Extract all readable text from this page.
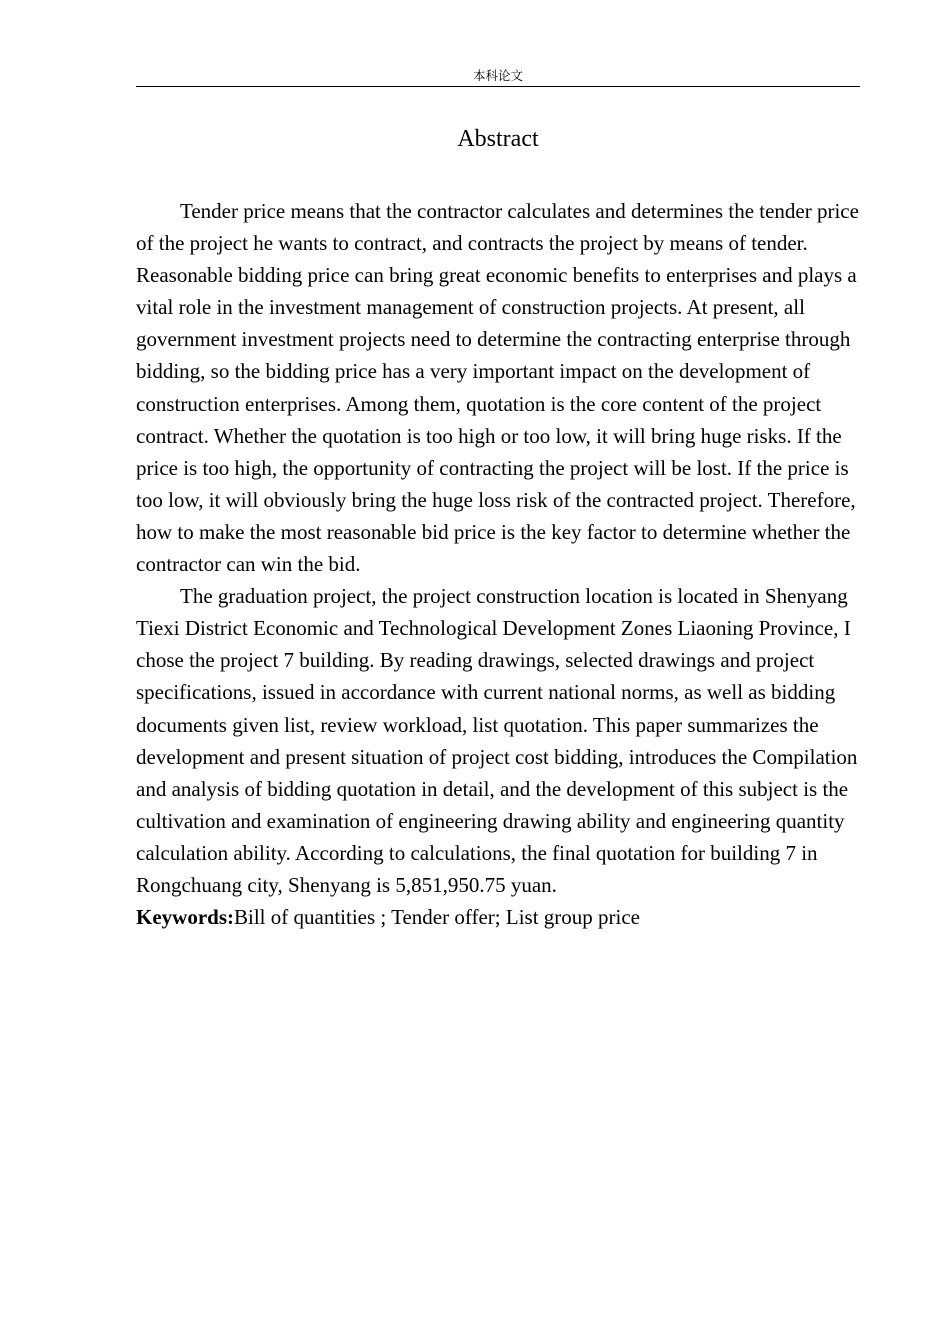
本科论文
Abstract

Tender price means that the contractor calculates and determines the tender price of the project he wants to contract, and contracts the project by means of tender. Reasonable bidding price can bring great economic benefits to enterprises and plays a vital role in the investment management of construction projects. At present, all government investment projects need to determine the contracting enterprise through bidding, so the bidding price has a very important impact on the development of construction enterprises. Among them, quotation is the core content of the project contract. Whether the quotation is too high or too low, it will bring huge risks. If the price is too high, the opportunity of contracting the project will be lost. If the price is too low, it will obviously bring the huge loss risk of the contracted project. Therefore, how to make the most reasonable bid price is the key factor to determine whether the contractor can win the bid.

The graduation project, the project construction location is located in Shenyang Tiexi District Economic and Technological Development Zones Liaoning Province, I chose the project 7 building. By reading drawings, selected drawings and project specifications, issued in accordance with current national norms, as well as bidding documents given list, review workload, list quotation. This paper summarizes the development and present situation of project cost bidding, introduces the Compilation and analysis of bidding quotation in detail, and the development of this subject is the cultivation and examination of engineering drawing ability and engineering quantity calculation ability. According to calculations, the final quotation for building 7 in Rongchuang city, Shenyang is 5,851,950.75 yuan.

Keywords:Bill of quantities ; Tender offer; List group price
